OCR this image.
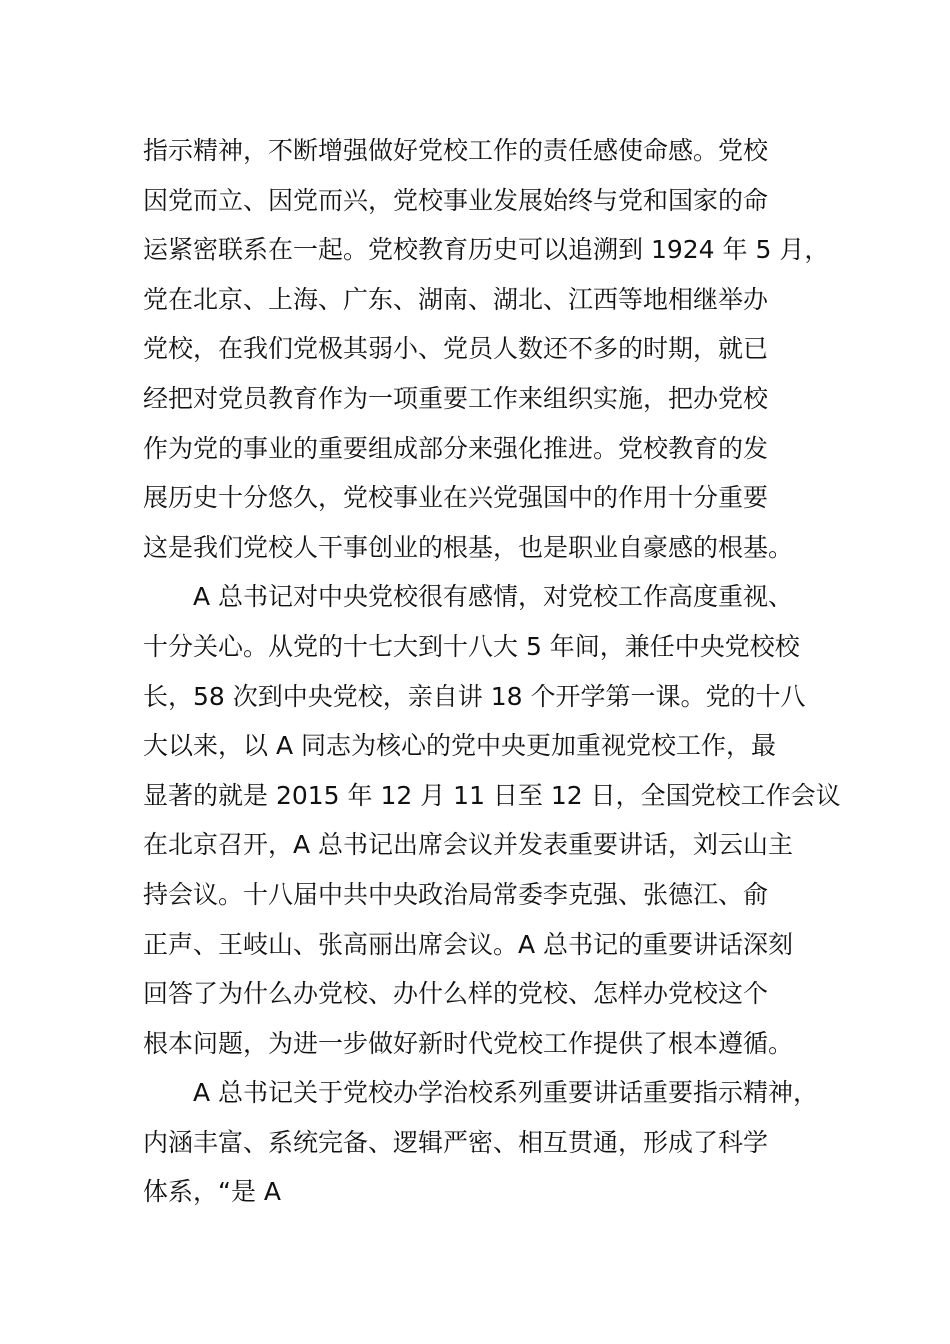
指示精神，不断增强做好党校工作的责任感使命感。党校
因党而立、因党而兴，党校事业发展始终与党和国家的命
运紧密联系在一起。党校教育历史可以追溯到 1924 年 5 月，
党在北京、上海、广东、湖南、湖北、江西等地相继举办
党校，在我们党极其弱小、党员人数还不多的时期，就已
经把对党员教育作为一项重要工作来组织实施，把办党校
作为党的事业的重要组成部分来强化推进。党校教育的发
展历史十分悠久，党校事业在兴党强国中的作用十分重要
这是我们党校人干事创业的根基，也是职业自豪感的根基。
A 总书记对中央党校很有感情，对党校工作高度重视、
十分关心。从党的十七大到十八大 5 年间，兼任中央党校校
长，58 次到中央党校，亲自讲 18 个开学第一课。党的十八
大以来，以 A 同志为核心的党中央更加重视党校工作，最
显著的就是 2015 年 12 月 11 日至 12 日，全国党校工作会议
在北京召开，A 总书记出席会议并发表重要讲话，刘云山主
持会议。十八届中共中央政治局常委李克强、张德江、俞
正声、王岐山、张高丽出席会议。A 总书记的重要讲话深刻
回答了为什么办党校、办什么样的党校、怎样办党校这个
根本问题，为进一步做好新时代党校工作提供了根本遵循。
A 总书记关于党校办学治校系列重要讲话重要指示精神，
内涵丰富、系统完备、逻辑严密、相互贯通，形成了科学
体系，“是 A
